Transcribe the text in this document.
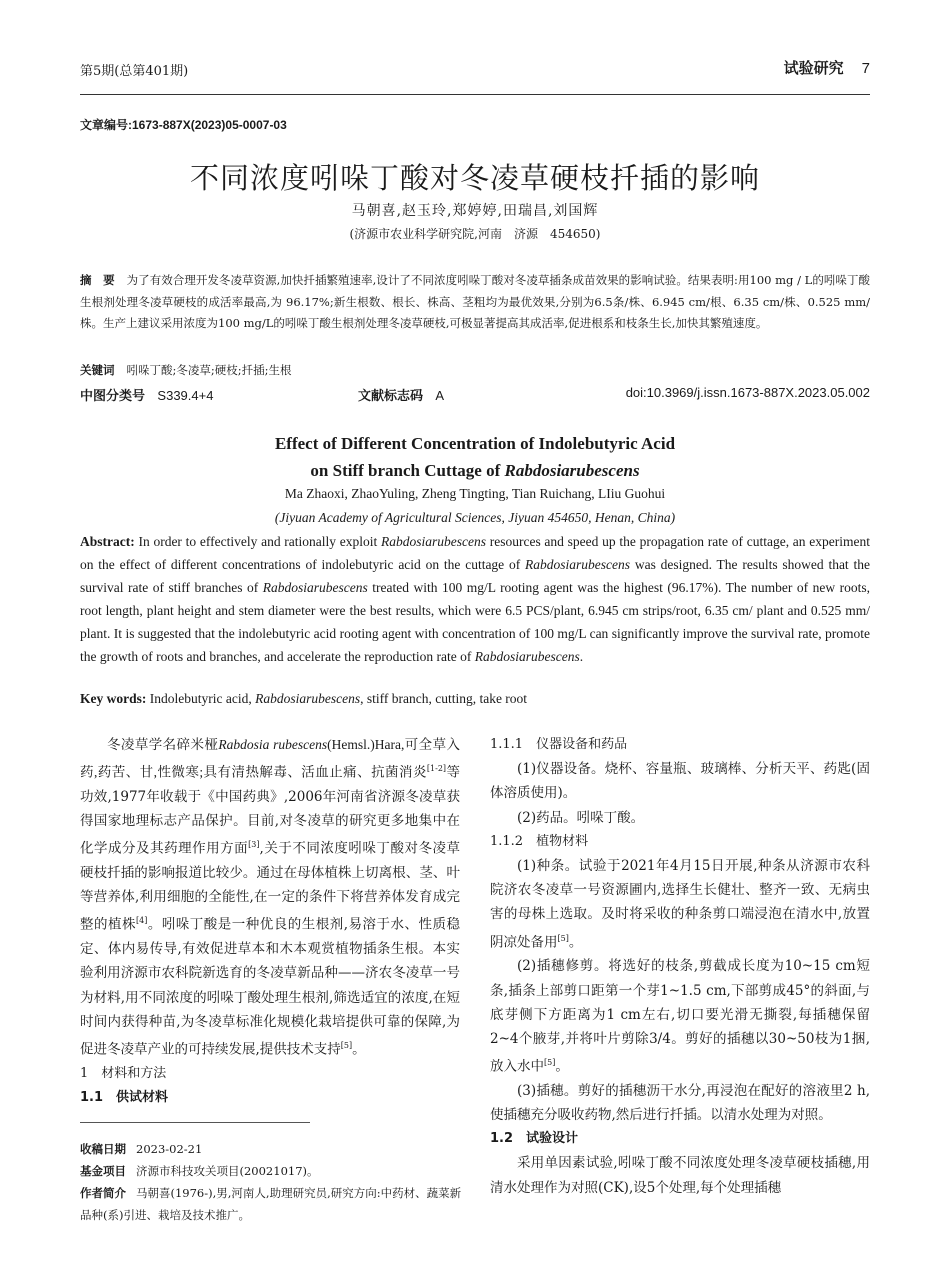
第5期(总第401期)	试验研究 7
文章编号:1673-887X(2023)05-0007-03
不同浓度吲哚丁酸对冬凌草硬枝扦插的影响
马朝喜,赵玉玲,郑婷婷,田瑞昌,刘国辉
(济源市农业科学研究院,河南　济源　454650)
摘　要 为了有效合理开发冬凌草资源,加快扦插繁殖速率,设计了不同浓度吲哚丁酸对冬凌草插条成苗效果的影响试验。结果表明:用100 mg / L的吲哚丁酸生根剂处理冬凌草硬枝的成活率最高,为 96.17%;新生根数、根长、株高、茎粗均为最优效果,分别为6.5条/株、6.945 cm/根、6.35 cm/株、0.525 mm/株。生产上建议采用浓度为100 mg/L的吲哚丁酸生根剂处理冬凌草硬枝,可极显著提高其成活率,促进根系和枝条生长,加快其繁殖速度。
关键词 吲哚丁酸;冬凌草;硬枝;扦插;生根
中图分类号 S339.4+4	文献标志码 A	doi:10.3969/j.issn.1673-887X.2023.05.002
Effect of Different Concentration of Indolebutyric Acid
on Stiff branch Cuttage of Rabdosiarubescens
Ma Zhaoxi, ZhaoYuling, Zheng Tingting, Tian Ruichang, LIiu Guohui
(Jiyuan Academy of Agricultural Sciences, Jiyuan 454650, Henan, China)
Abstract: In order to effectively and rationally exploit Rabdosiarubescens resources and speed up the propagation rate of cuttage, an experiment on the effect of different concentrations of indolebutyric acid on the cuttage of Rabdosiarubescens was designed. The results showed that the survival rate of stiff branches of Rabdosiarubescens treated with 100 mg/L rooting agent was the highest (96.17%). The number of new roots, root length, plant height and stem diameter were the best results, which were 6.5 PCS/plant, 6.945 cm strips/root, 6.35 cm/ plant and 0.525 mm/ plant. It is suggested that the indolebutyric acid rooting agent with concentration of 100 mg/L can significantly improve the survival rate, promote the growth of roots and branches, and accelerate the reproduction rate of Rabdosiarubescens.
Key words: Indolebutyric acid, Rabdosiarubescens, stiff branch, cutting, take root

冬凌草学名碎米桠Rabdosia rubescens(Hemsl.)Hara,可全草入药,药苦、甘,性微寒;具有清热解毒、活血止痛、抗菌消炎[1-2]等功效,1977年收载于《中国药典》,2006年河南省济源冬凌草获得国家地理标志产品保护。目前,对冬凌草的研究更多地集中在化学成分及其药理作用方面[3],关于不同浓度吲哚丁酸对冬凌草硬枝扦插的影响报道比较少。通过在母体植株上切离根、茎、叶等营养体,利用细胞的全能性,在一定的条件下将营养体发育成完整的植株[4]。吲哚丁酸是一种优良的生根剂,易溶于水、性质稳定、体内易传导,有效促进草本和木本观赏植物插条生根。本实验利用济源市农科院新选育的冬凌草新品种——济农冬凌草一号为材料,用不同浓度的吲哚丁酸处理生根剂,筛选适宜的浓度,在短时间内获得种苗,为冬凌草标准化规模化栽培提供可靠的保障,为促进冬凌草产业的可持续发展,提供技术支持[5]。

1　材料和方法

1.1　供试材料

收稿日期 2023-02-21
基金项目 济源市科技攻关项目(20021017)。
作者简介 马朝喜(1976-),男,河南人,助理研究员,研究方向:中药材、蔬菜新品种(系)引进、栽培及技术推广。

1.1.1　仪器设备和药品

(1)仪器设备。烧杯、容量瓶、玻璃棒、分析天平、药匙(固体溶质使用)。

(2)药品。吲哚丁酸。

1.1.2　植物材料

(1)种条。试验于2021年4月15日开展,种条从济源市农科院济农冬凌草一号资源圃内,选择生长健壮、整齐一致、无病虫害的母株上选取。及时将采收的种条剪口端浸泡在清水中,放置阴凉处备用[5]。

(2)插穗修剪。将选好的枝条,剪截成长度为10~15 cm短条,插条上部剪口距第一个芽1~1.5 cm,下部剪成45°的斜面,与底芽侧下方距离为1 cm左右,切口要光滑无撕裂,每插穗保留2~4个腋芽,并将叶片剪除3/4。剪好的插穗以30~50枝为1捆,放入水中[5]。

(3)插穗。剪好的插穗沥干水分,再浸泡在配好的溶液里2 h,使插穗充分吸收药物,然后进行扦插。以清水处理为对照。

1.2　试验设计

采用单因素试验,吲哚丁酸不同浓度处理冬凌草硬枝插穗,用清水处理作为对照(CK),设5个处理,每个处理插穗
